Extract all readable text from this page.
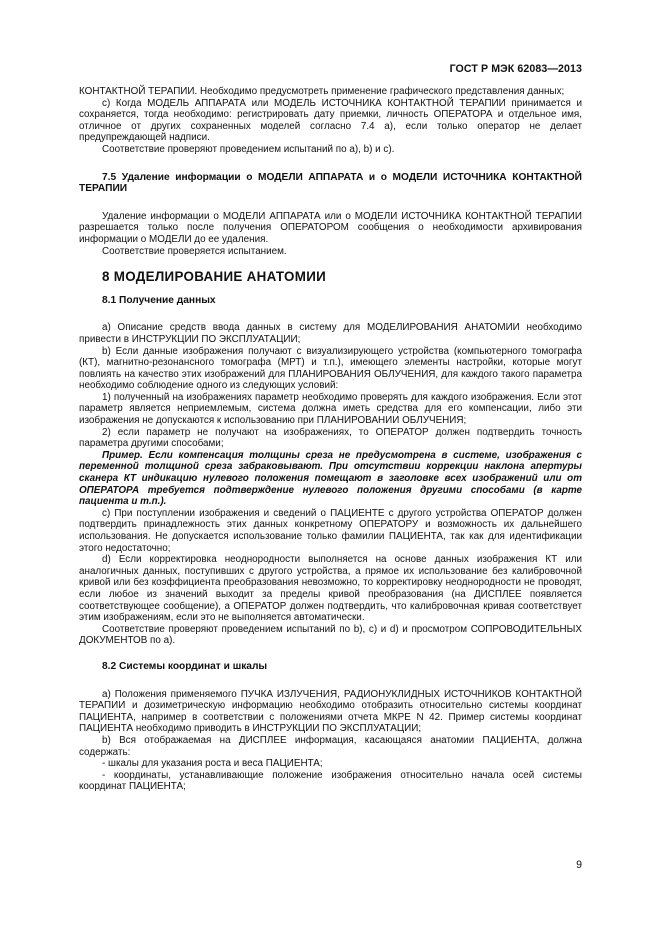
ГОСТ Р МЭК 62083—2013

КОНТАКТНОЙ ТЕРАПИИ. Необходимо предусмотреть применение графического представления данных;

с) Когда МОДЕЛЬ АППАРАТА или МОДЕЛЬ ИСТОЧНИКА КОНТАКТНОЙ ТЕРАПИИ принимается и сохраняется, тогда необходимо: регистрировать дату приемки, личность ОПЕРАТОРА и отдельное имя, отличное от других сохраненных моделей согласно 7.4 а), если только оператор не делает предупреждающей надписи.

Соответствие проверяют проведением испытаний по а), b) и с).

7.5 Удаление информации о МОДЕЛИ АППАРАТА и о МОДЕЛИ ИСТОЧНИКА КОНТАКТНОЙ ТЕРАПИИ

Удаление информации о МОДЕЛИ АППАРАТА или о МОДЕЛИ ИСТОЧНИКА КОНТАКТНОЙ ТЕРАПИИ разрешается только после получения ОПЕРАТОРОМ сообщения о необходимости архивирования информации о МОДЕЛИ до ее удаления.

Соответствие проверяется испытанием.

8 МОДЕЛИРОВАНИЕ АНАТОМИИ

8.1 Получение данных

а) Описание средств ввода данных в систему для МОДЕЛИРОВАНИЯ АНАТОМИИ необходимо привести в ИНСТРУКЦИИ ПО ЭКСПЛУАТАЦИИ;

b) Если данные изображения получают с визуализирующего устройства (компьютерного томографа (КТ), магнитно-резонансного томографа (МРТ) и т.п.), имеющего элементы настройки, которые могут повлиять на качество этих изображений для ПЛАНИРОВАНИЯ ОБЛУЧЕНИЯ, для каждого такого параметра необходимо соблюдение одного из следующих условий:

1) полученный на изображениях параметр необходимо проверять для каждого изображения. Если этот параметр является неприемлемым, система должна иметь средства для его компенсации, либо эти изображения не допускаются к использованию при ПЛАНИРОВАНИИ ОБЛУЧЕНИЯ;

2) если параметр не получают на изображениях, то ОПЕРАТОР должен подтвердить точность параметра другими способами;

Пример. Если компенсация толщины среза не предусмотрена в системе, изображения с переменной толщиной среза забраковывают. При отсутствии коррекции наклона апертуры сканера КТ индикацию нулевого положения помещают в заголовке всех изображений или от ОПЕРАТОРА требуется подтверждение нулевого положения другими способами (в карте пациента и т.п.).

с) При поступлении изображения и сведений о ПАЦИЕНТЕ с другого устройства ОПЕРАТОР должен подтвердить принадлежность этих данных конкретному ОПЕРАТОРУ и возможность их дальнейшего использования. Не допускается использование только фамилии ПАЦИЕНТА, так как для идентификации этого недостаточно;

d) Если корректировка неоднородности выполняется на основе данных изображения КТ или аналогичных данных, поступивших с другого устройства, а прямое их использование без калибровочной кривой или без коэффициента преобразования невозможно, то корректировку неоднородности не проводят, если любое из значений выходит за пределы кривой преобразования (на ДИСПЛЕЕ появляется соответствующее сообщение), а ОПЕРАТОР должен подтвердить, что калибровочная кривая соответствует этим изображениям, если это не выполняется автоматически.

Соответствие проверяют проведением испытаний по b), с) и d) и просмотром СОПРОВОДИТЕЛЬНЫХ ДОКУМЕНТОВ по а).

8.2 Системы координат и шкалы

а) Положения применяемого ПУЧКА ИЗЛУЧЕНИЯ, РАДИОНУКЛИДНЫХ ИСТОЧНИКОВ КОНТАКТНОЙ ТЕРАПИИ и дозиметрическую информацию необходимо отобразить относительно системы координат ПАЦИЕНТА, например в соответствии с положениями отчета МКРЕ N 42. Пример системы координат ПАЦИЕНТА необходимо приводить в ИНСТРУКЦИИ ПО ЭКСПЛУАТАЦИИ;

b) Вся отображаемая на ДИСПЛЕЕ информация, касающаяся анатомии ПАЦИЕНТА, должна содержать:

- шкалы для указания роста и веса ПАЦИЕНТА;

- координаты, устанавливающие положение изображения относительно начала осей системы координат ПАЦИЕНТА;

9
